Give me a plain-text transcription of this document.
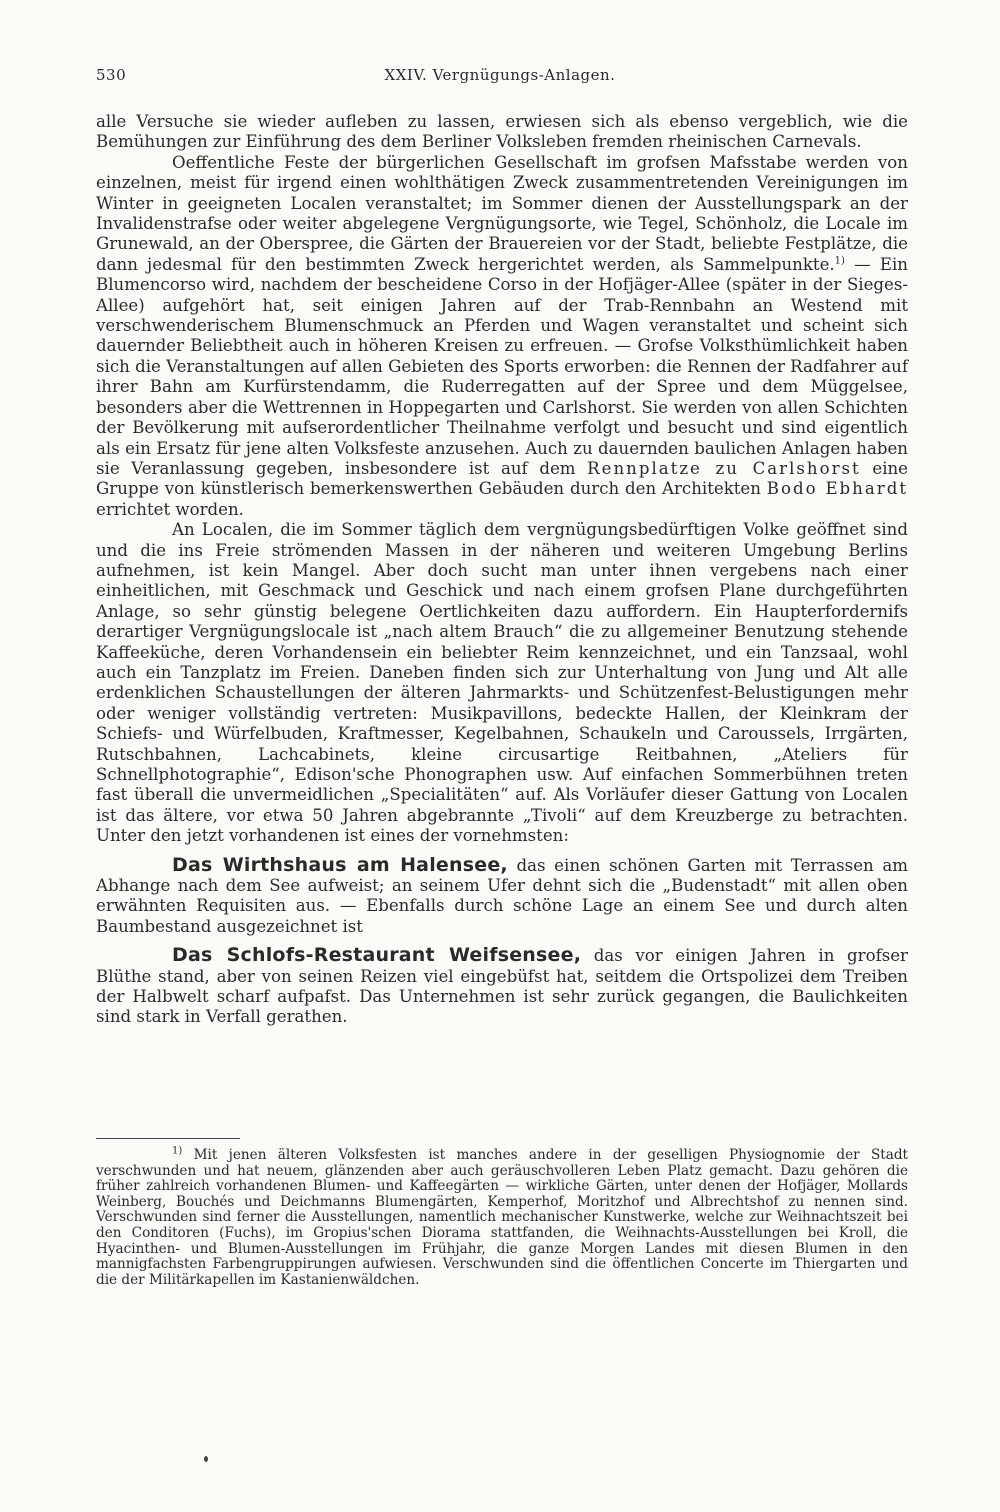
530	XXIV. Vergnügungs-Anlagen.

alle Versuche sie wieder aufleben zu lassen, erwiesen sich als ebenso vergeblich, wie die Bemühungen zur Einführung des dem Berliner Volksleben fremden rheinischen Carnevals.

Oeffentliche Feste der bürgerlichen Gesellschaft im grofsen Mafsstabe werden von einzelnen, meist für irgend einen wohlthätigen Zweck zusammentretenden Vereinigungen im Winter in geeigneten Localen veranstaltet; im Sommer dienen der Ausstellungspark an der Invalidenstrafse oder weiter abgelegene Vergnügungsorte, wie Tegel, Schönholz, die Locale im Grunewald, an der Oberspree, die Gärten der Brauereien vor der Stadt, beliebte Festplätze, die dann jedesmal für den bestimmten Zweck hergerichtet werden, als Sammelpunkte.$^{1)}$ — Ein Blumencorso wird, nachdem der bescheidene Corso in der Hofjäger-Allee (später in der Sieges-Allee) aufgehört hat, seit einigen Jahren auf der Trab-Rennbahn an Westend mit verschwenderischem Blumenschmuck an Pferden und Wagen veranstaltet und scheint sich dauernder Beliebtheit auch in höheren Kreisen zu erfreuen. — Grofse Volksthümlichkeit haben sich die Veranstaltungen auf allen Gebieten des Sports erworben: die Rennen der Radfahrer auf ihrer Bahn am Kurfürstendamm, die Ruderregatten auf der Spree und dem Müggelsee, besonders aber die Wettrennen in Hoppegarten und Carlshorst. Sie werden von allen Schichten der Bevölkerung mit aufserordentlicher Theilnahme verfolgt und besucht und sind eigentlich als ein Ersatz für jene alten Volksfeste anzusehen. Auch zu dauernden baulichen Anlagen haben sie Veranlassung gegeben, insbesondere ist auf dem Rennplatze zu Carlshorst eine Gruppe von künstlerisch bemerkenswerthen Gebäuden durch den Architekten Bodo Ebhardt errichtet worden.

An Localen, die im Sommer täglich dem vergnügungsbedürftigen Volke geöffnet sind und die ins Freie strömenden Massen in der näheren und weiteren Umgebung Berlins aufnehmen, ist kein Mangel. Aber doch sucht man unter ihnen vergebens nach einer einheitlichen, mit Geschmack und Geschick und nach einem grofsen Plane durchgeführten Anlage, so sehr günstig belegene Oertlichkeiten dazu auffordern. Ein Haupterfordernifs derartiger Vergnügungslocale ist „nach altem Brauch“ die zu allgemeiner Benutzung stehende Kaffeeküche, deren Vorhandensein ein beliebter Reim kennzeichnet, und ein Tanzsaal, wohl auch ein Tanzplatz im Freien. Daneben finden sich zur Unterhaltung von Jung und Alt alle erdenklichen Schaustellungen der älteren Jahrmarkts- und Schützenfest-Belustigungen mehr oder weniger vollständig vertreten: Musikpavillons, bedeckte Hallen, der Kleinkram der Schiefs- und Würfelbuden, Kraftmesser, Kegelbahnen, Schaukeln und Caroussels, Irrgärten, Rutschbahnen, Lachcabinets, kleine circusartige Reitbahnen, „Ateliers für Schnellphotographie“, Edison'sche Phonographen usw. Auf einfachen Sommerbühnen treten fast überall die unvermeidlichen „Specialitäten“ auf. Als Vorläufer dieser Gattung von Localen ist das ältere, vor etwa 50 Jahren abgebrannte „Tivoli“ auf dem Kreuzberge zu betrachten. Unter den jetzt vorhandenen ist eines der vornehmsten:

Das Wirthshaus am Halensee, das einen schönen Garten mit Terrassen am Abhange nach dem See aufweist; an seinem Ufer dehnt sich die „Budenstadt“ mit allen oben erwähnten Requisiten aus. — Ebenfalls durch schöne Lage an einem See und durch alten Baumbestand ausgezeichnet ist

Das Schlofs-Restaurant Weifsensee, das vor einigen Jahren in grofser Blüthe stand, aber von seinen Reizen viel eingebüfst hat, seitdem die Ortspolizei dem Treiben der Halbwelt scharf aufpafst. Das Unternehmen ist sehr zurück gegangen, die Baulichkeiten sind stark in Verfall gerathen.

$^{1)}$ Mit jenen älteren Volksfesten ist manches andere in der geselligen Physiognomie der Stadt verschwunden und hat neuem, glänzenden aber auch geräuschvolleren Leben Platz gemacht. Dazu gehören die früher zahlreich vorhandenen Blumen- und Kaffeegärten — wirkliche Gärten, unter denen der Hofjäger, Mollards Weinberg, Bouchés und Deichmanns Blumengärten, Kemperhof, Moritzhof und Albrechtshof zu nennen sind. Verschwunden sind ferner die Ausstellungen, namentlich mechanischer Kunstwerke, welche zur Weihnachtszeit bei den Conditoren (Fuchs), im Gropius'schen Diorama stattfanden, die Weihnachts-Ausstellungen bei Kroll, die Hyacinthen- und Blumen-Ausstellungen im Frühjahr, die ganze Morgen Landes mit diesen Blumen in den mannigfachsten Farbengruppirungen aufwiesen. Verschwunden sind die öffentlichen Concerte im Thiergarten und die der Militärkapellen im Kastanienwäldchen.
